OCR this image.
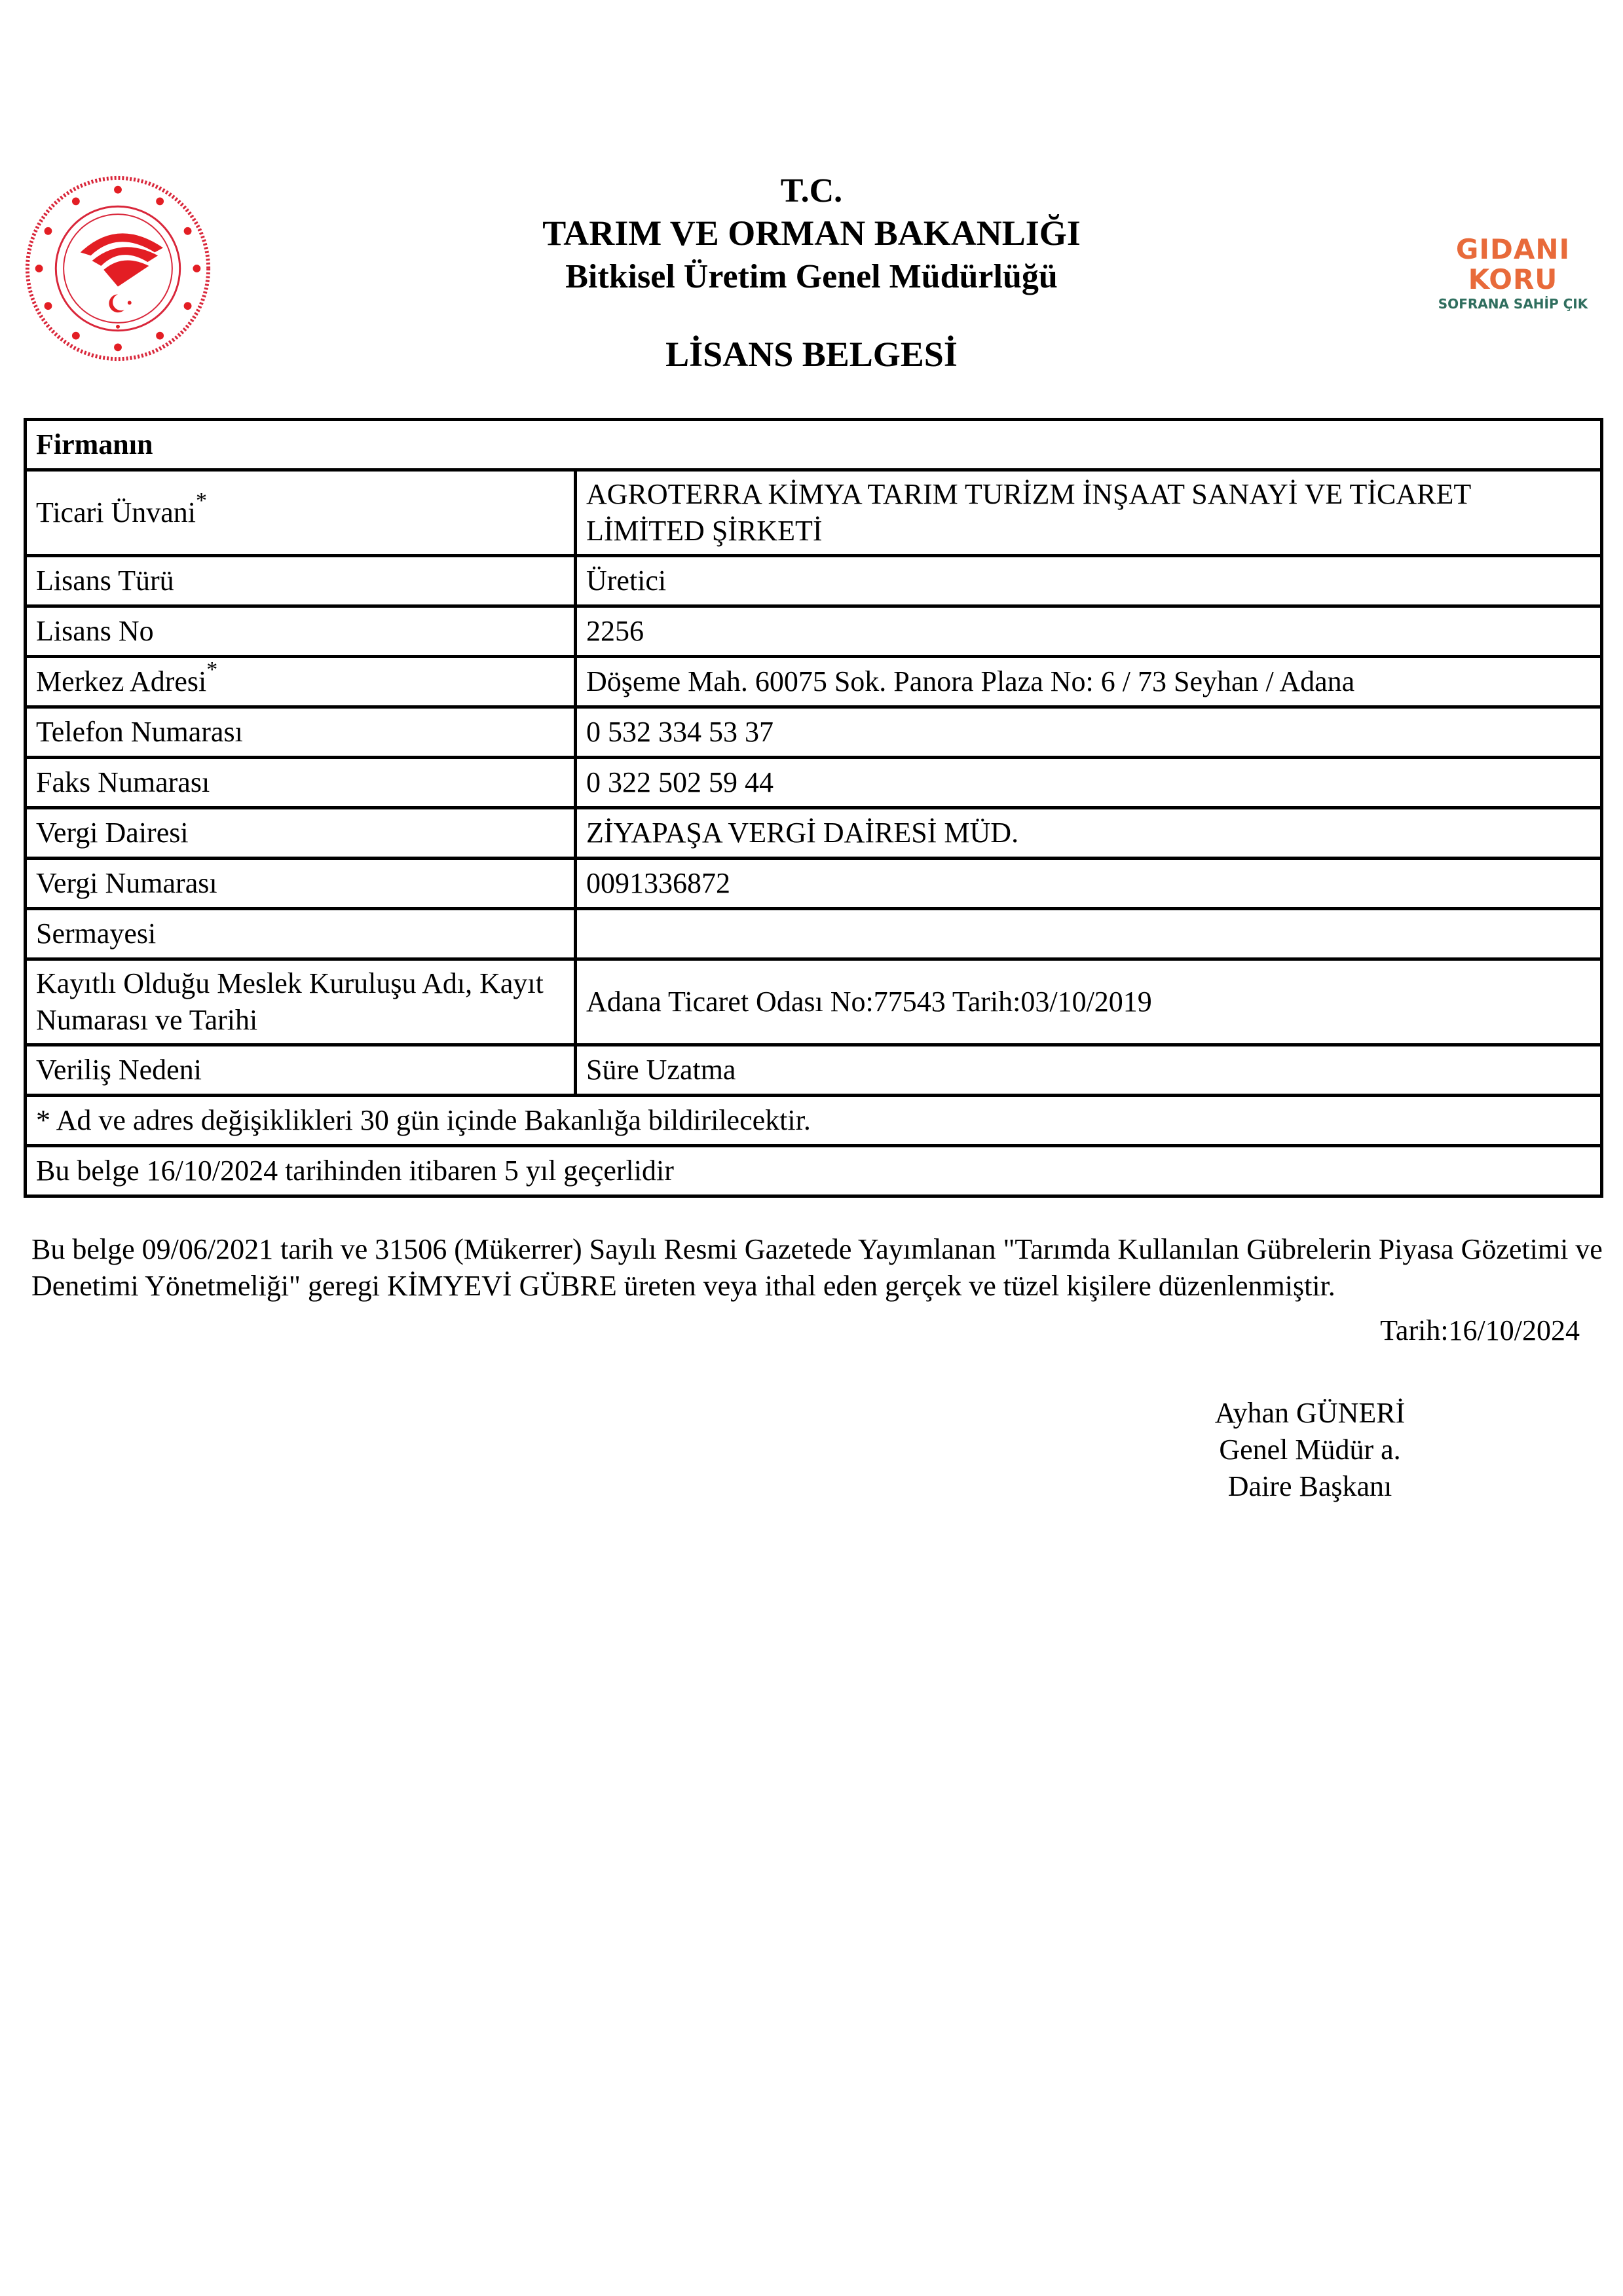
GIDANI KORU
SOFRANA SAHİP ÇIK
T.C.
TARIM VE ORMAN BAKANLIĞI
Bitkisel Üretim Genel Müdürlüğü
LİSANS BELGESİ
Firmanın	
Ticari Ünvani*	AGROTERRA KİMYA TARIM TURİZM İNŞAAT SANAYİ VE TİCARET LİMİTED ŞİRKETİ
Lisans Türü	Üretici
Lisans No	2256
Merkez Adresi*	Döşeme Mah. 60075 Sok. Panora Plaza No: 6 / 73 Seyhan / Adana
Telefon Numarası	0 532 334 53 37
Faks Numarası	0 322 502 59 44
Vergi Dairesi	ZİYAPAŞA VERGİ DAİRESİ MÜD.
Vergi Numarası	0091336872
Sermayesi	
Kayıtlı Olduğu Meslek Kuruluşu Adı, Kayıt Numarası ve Tarihi	Adana Ticaret Odası No:77543 Tarih:03/10/2019
Veriliş Nedeni	Süre Uzatma
* Ad ve adres değişiklikleri 30 gün içinde Bakanlığa bildirilecektir.	
Bu belge 16/10/2024 tarihinden itibaren 5 yıl geçerlidir	
Bu belge 09/06/2021 tarih ve 31506 (Mükerrer) Sayılı Resmi Gazetede Yayımlanan "Tarımda Kullanılan Gübrelerin Piyasa Gözetimi ve Denetimi Yönetmeliği" geregi KİMYEVİ GÜBRE üreten veya ithal eden gerçek ve tüzel kişilere düzenlenmiştir.
Tarih:16/10/2024
Ayhan GÜNERİ
Genel Müdür a.
Daire Başkanı
